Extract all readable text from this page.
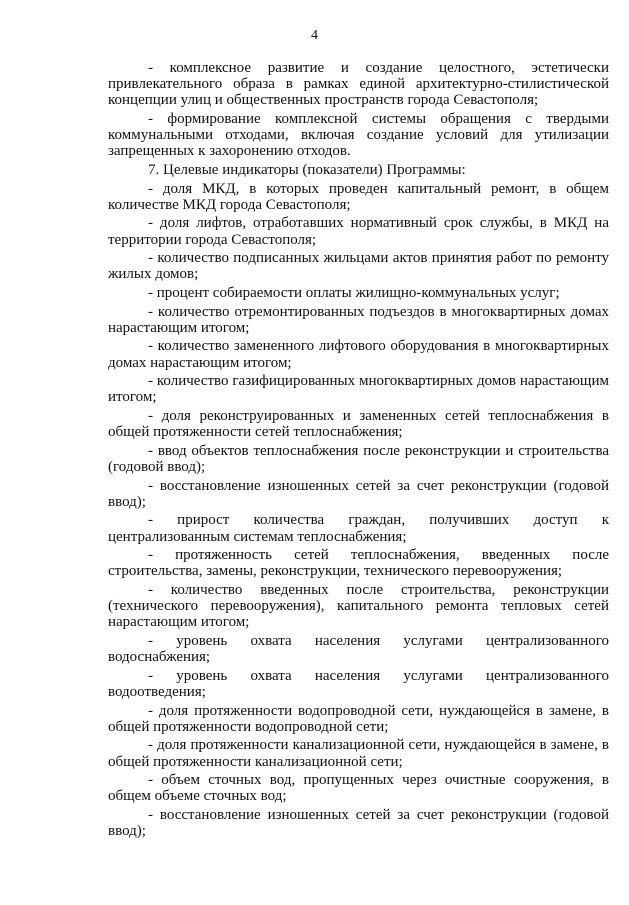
4

- комплексное развитие и создание целостного, эстетически привлекательного образа в рамках единой архитектурно-стилистической концепции улиц и общественных пространств города Севастополя;

- формирование комплексной системы обращения с твердыми коммунальными отходами, включая создание условий для утилизации запрещенных к захоронению отходов.

7. Целевые индикаторы (показатели) Программы:

- доля МКД, в которых проведен капитальный ремонт, в общем количестве МКД города Севастополя;

- доля лифтов, отработавших нормативный срок службы, в МКД на территории города Севастополя;

- количество подписанных жильцами актов принятия работ по ремонту жилых домов;

- процент собираемости оплаты жилищно-коммунальных услуг;

- количество отремонтированных подъездов в многоквартирных домах нарастающим итогом;

- количество замененного лифтового оборудования в многоквартирных домах нарастающим итогом;

- количество газифицированных многоквартирных домов нарастающим итогом;

- доля реконструированных и замененных сетей теплоснабжения в общей протяженности сетей теплоснабжения;

- ввод объектов теплоснабжения после реконструкции и строительства (годовой ввод);

- восстановление изношенных сетей за счет реконструкции (годовой ввод);

- прирост количества граждан, получивших доступ к централизованным системам теплоснабжения;

- протяженность сетей теплоснабжения, введенных после строительства, замены, реконструкции, технического перевооружения;

- количество введенных после строительства, реконструкции (технического перевооружения), капитального ремонта тепловых сетей нарастающим итогом;

- уровень охвата населения услугами централизованного водоснабжения;

- уровень охвата населения услугами централизованного водоотведения;

- доля протяженности водопроводной сети, нуждающейся в замене, в общей протяженности водопроводной сети;

- доля протяженности канализационной сети, нуждающейся в замене, в общей протяженности канализационной сети;

- объем сточных вод, пропущенных через очистные сооружения, в общем объеме сточных вод;

- восстановление изношенных сетей за счет реконструкции (годовой ввод);
